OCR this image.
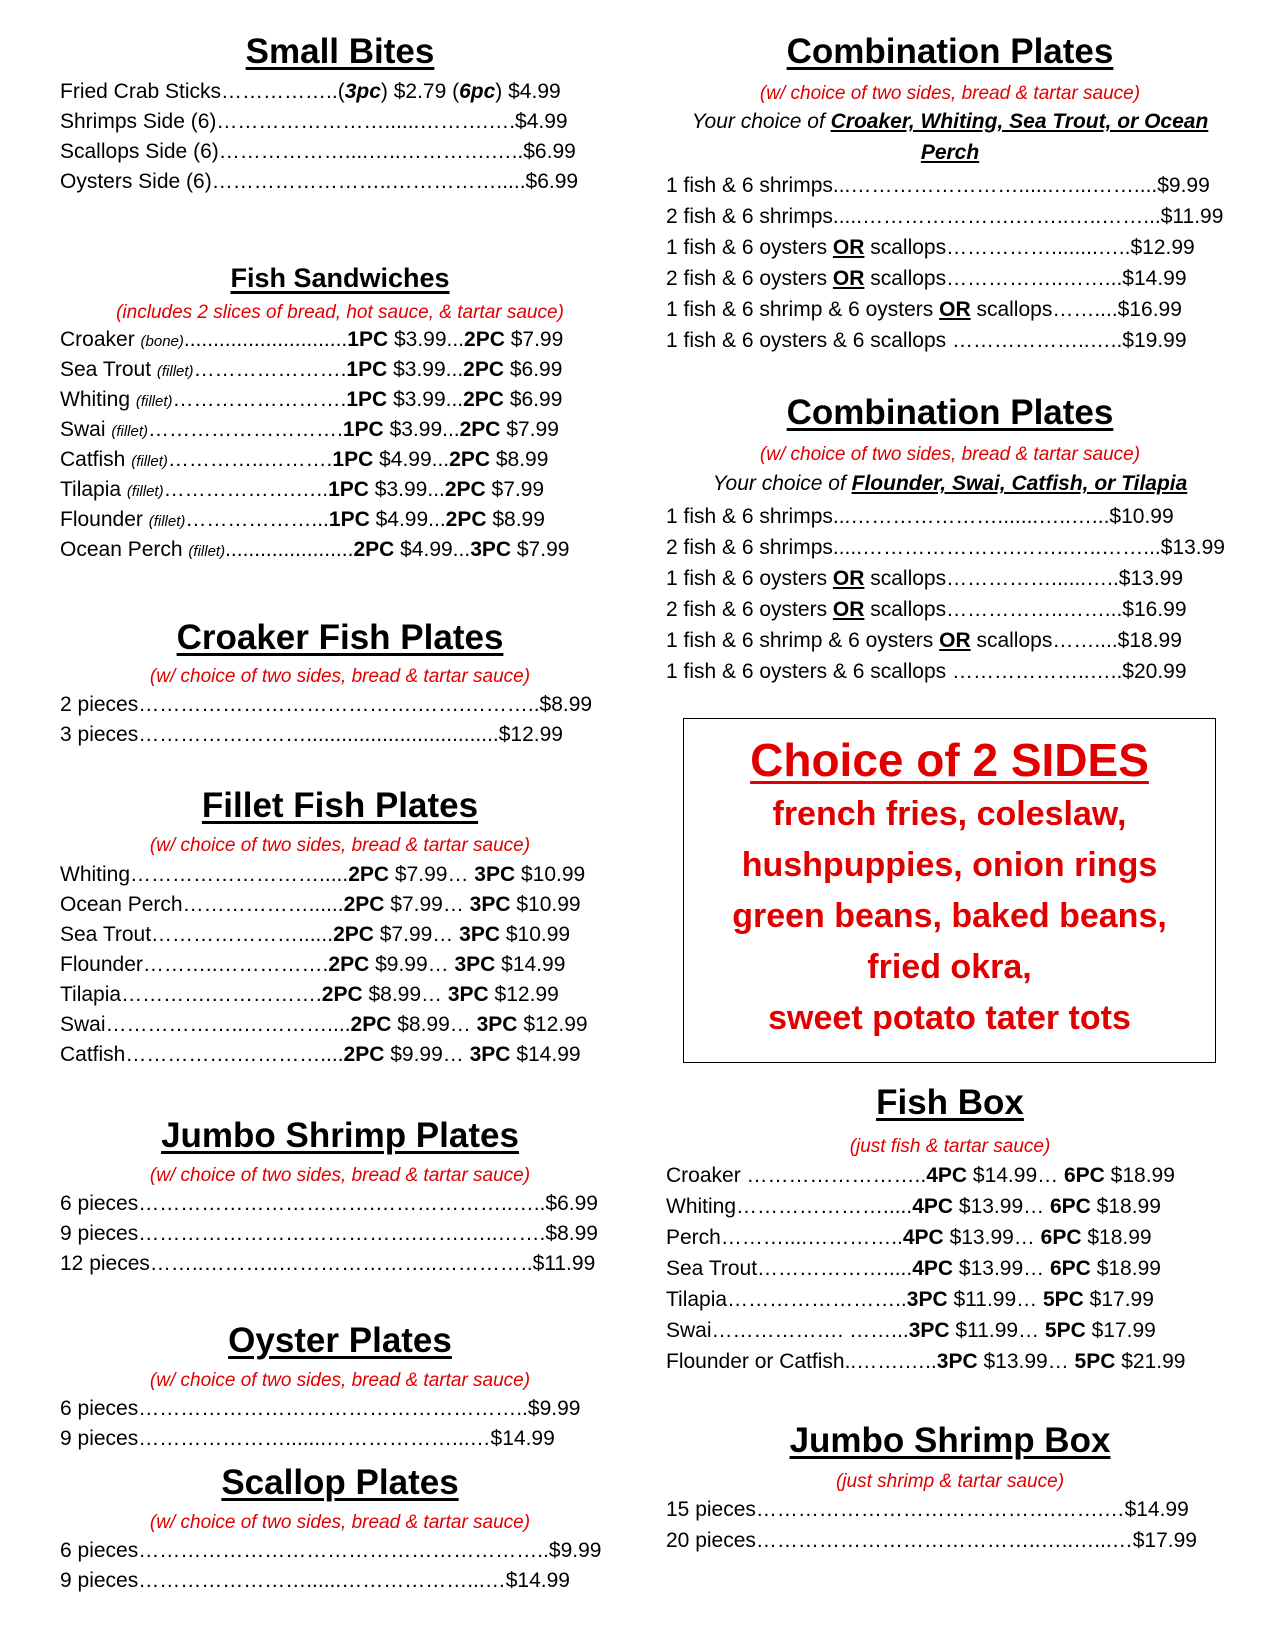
Small Bites
Fried Crab Sticks……………..(3pc) $2.79 (6pc) $4.99
Shrimps Side (6)……………………......……….….$4.99
Scallops Side (6)………………....…..………….…..$6.99
Oysters Side (6)……………………..…………….....$6.99
Fish Sandwiches
(includes 2 slices of bread, hot sauce, & tartar sauce)
Croaker (bone)............................1PC $3.99...2PC $7.99
Sea Trout (fillet)………………….1PC $3.99...2PC $6.99
Whiting (fillet)…………………….1PC $3.99...2PC $6.99
Swai (fillet)……………………….1PC $3.99...2PC $7.99
Catfish (fillet)…………..……….1PC $4.99...2PC $8.99
Tilapia (fillet)……………….…..1PC $3.99...2PC $7.99
Flounder (fillet)………………...1PC $4.99...2PC $8.99
Ocean Perch (fillet)......................2PC $4.99...3PC $7.99
Croaker Fish Plates
(w/ choice of two sides, bread & tartar sauce)
2 pieces………………………………….…….………..$8.99
3 pieces…………………….................................$12.99
Fillet Fish Plates
(w/ choice of two sides, bread & tartar sauce)
Whiting……………………….....2PC $7.99… 3PC $10.99
Ocean Perch………………......2PC $7.99… 3PC $10.99
Sea Trout…………………......2PC $7.99… 3PC $10.99
Flounder………..…………….2PC $9.99… 3PC $14.99
Tilapia………….…………….2PC $8.99… 3PC $12.99
Swai………………..…………....2PC $8.99… 3PC $12.99
Catfish…………….…………....2PC $9.99… 3PC $14.99
Jumbo Shrimp Plates
(w/ choice of two sides, bread & tartar sauce)
6 pieces…………………………….………………..…..$6.99
9 pieces………………………………….…….…..…….$8.99
12 pieces……..………..…………………..…………..$11.99
Oyster Plates
(w/ choice of two sides, bread & tartar sauce)
6 pieces………………………………………………..$9.99
9 pieces………………….......………………...…$14.99
Scallop Plates
(w/ choice of two sides, bread & tartar sauce)
6 pieces…………………………………………………..$9.99
9 pieces……………………......………………...…$14.99
Combination Plates
(w/ choice of two sides, bread & tartar sauce)
Your choice of Croaker, Whiting, Sea Trout, or Ocean
Perch
1 fish & 6 shrimps...……………………......…...……....$9.99
2 fish & 6 shrimps.....………………….……..…..……...$11.99
1 fish & 6 oysters OR scallops……………........…..$12.99
2 fish & 6 oysters OR scallops……………..……...$14.99
1 fish & 6 shrimp & 6 oysters OR scallops……....$16.99
1 fish & 6 oysters & 6 scallops ………………..…..$19.99
Combination Plates
(w/ choice of two sides, bread & tartar sauce)
Your choice of Flounder, Swai, Catfish, or Tilapia
1 fish & 6 shrimps...………………….......…..…...$10.99
2 fish & 6 shrimps.....………………….……..…..……...$13.99
1 fish & 6 oysters OR scallops……………......…..$13.99
2 fish & 6 oysters OR scallops……………..……...$16.99
1 fish & 6 shrimp & 6 oysters OR scallops……....$18.99
1 fish & 6 oysters & 6 scallops ………………..…..$20.99
Choice of 2 SIDES
french fries, coleslaw,
hushpuppies, onion rings
green beans, baked beans,
fried okra,
sweet potato tater tots
Fish Box
(just fish & tartar sauce)
Croaker ……………………..4PC $14.99… 6PC $18.99
Whiting………………….....4PC $13.99… 6PC $18.99
Perch………....…………..4PC $13.99… 6PC $18.99
Sea Trout……………….....4PC $13.99… 6PC $18.99
Tilapia……………………..3PC $11.99… 5PC $17.99
Swai………………. ……...3PC $11.99… 5PC $17.99
Flounder or Catfish..…….…..3PC $13.99… 5PC $21.99
Jumbo Shrimp Box
(just shrimp & tartar sauce)
15 pieces…………………………………….…….…$14.99
20 pieces…………………………………..…..…...…$17.99
